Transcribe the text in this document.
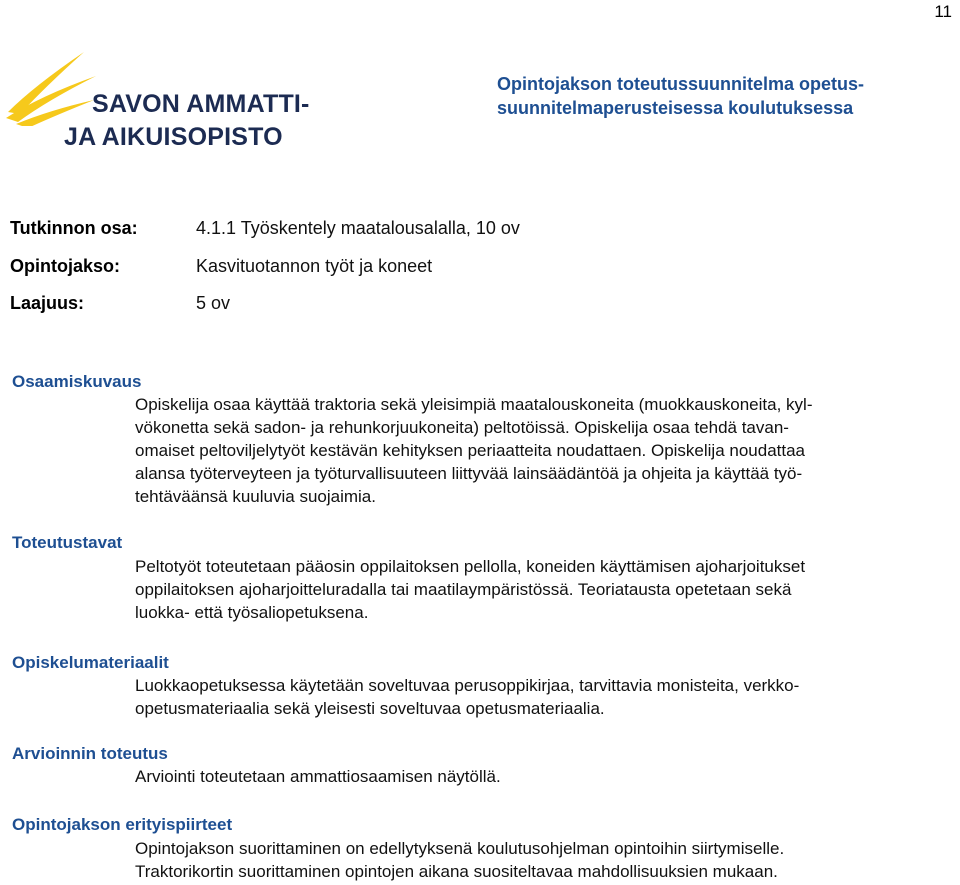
11
SAVON AMMATTI-
JA AIKUISOPISTO
Opintojakson toteutussuunnitelma opetus-
suunnitelmaperusteisessa koulutuksessa
Tutkinnon osa:	4.1.1 Työskentely maatalousalalla, 10 ov
Opintojakso:	Kasvituotannon työt ja koneet
Laajuus:	5 ov
Osaamiskuvaus
Opiskelija osaa käyttää traktoria sekä yleisimpiä maatalouskoneita (muokkauskoneita, kyl-
vökonetta sekä sadon- ja rehunkorjuukoneita) peltotöissä. Opiskelija osaa tehdä tavan-
omaiset peltoviljelytyöt kestävän kehityksen periaatteita noudattaen. Opiskelija noudattaa
alansa työterveyteen ja työturvallisuuteen liittyvää lainsäädäntöä ja ohjeita ja käyttää työ-
tehtäväänsä kuuluvia suojaimia.
Toteutustavat
Peltotyöt toteutetaan pääosin oppilaitoksen pellolla, koneiden käyttämisen ajoharjoitukset
oppilaitoksen ajoharjoitteluradalla tai maatilaympäristössä. Teoriatausta opetetaan sekä
luokka- että työsaliopetuksena.
Opiskelumateriaalit
Luokkaopetuksessa käytetään soveltuvaa perusoppikirjaa, tarvittavia monisteita, verkko-
opetusmateriaalia sekä yleisesti soveltuvaa opetusmateriaalia.
Arvioinnin toteutus
Arviointi toteutetaan ammattiosaamisen näytöllä.
Opintojakson erityispiirteet
Opintojakson suorittaminen on edellytyksenä koulutusohjelman opintoihin siirtymiselle.
Traktorikortin suorittaminen opintojen aikana suositeltavaa mahdollisuuksien mukaan.
